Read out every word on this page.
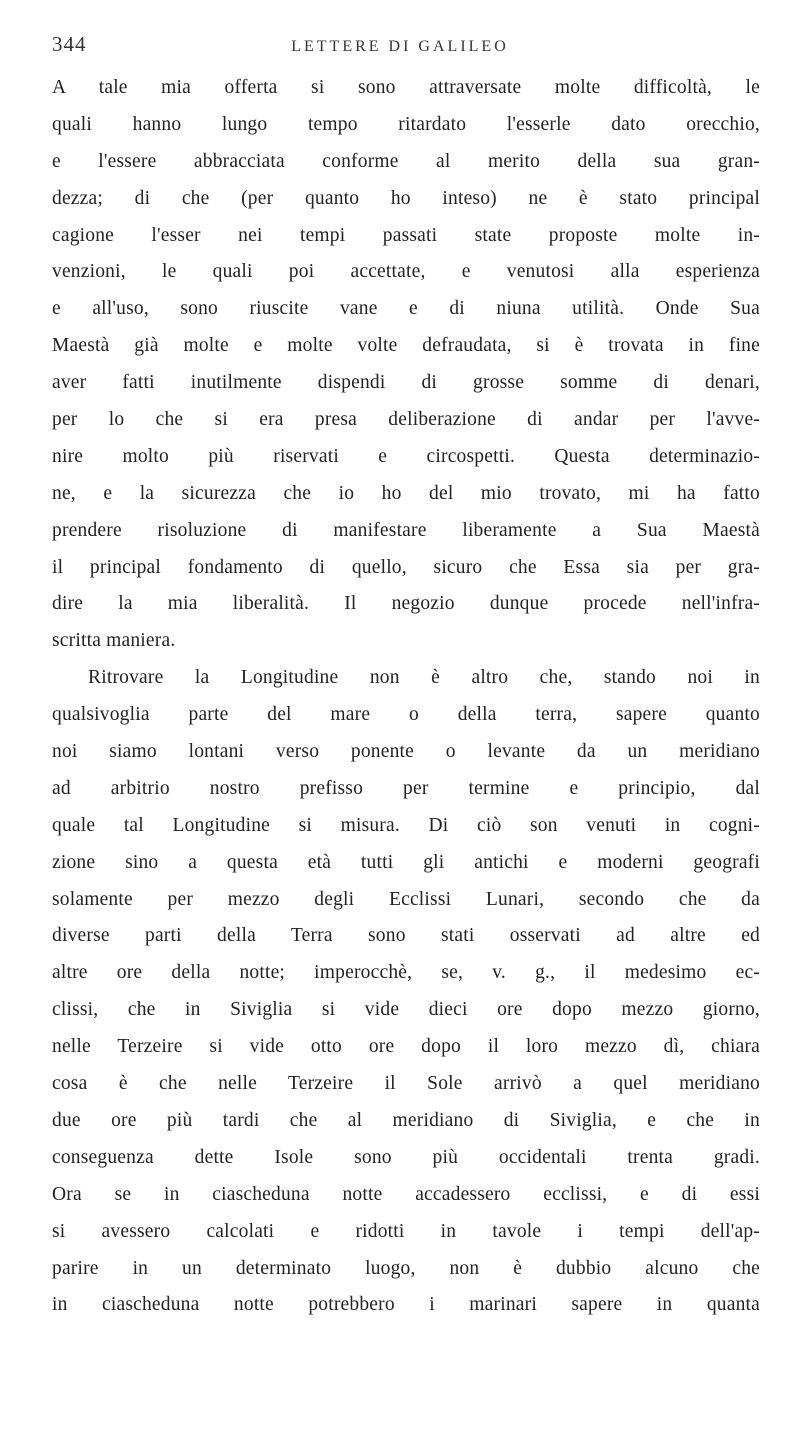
344	LETTERE DI GALILEO
A tale mia offerta si sono attraversate molte difficoltà, le
quali hanno lungo tempo ritardato l'esserle dato orecchio,
e l'essere abbracciata conforme al merito della sua gran-
dezza; di che (per quanto ho inteso) ne è stato principal
cagione l'esser nei tempi passati state proposte molte in-
venzioni, le quali poi accettate, e venutosi alla esperienza
e all'uso, sono riuscite vane e di niuna utilità. Onde Sua
Maestà già molte e molte volte defraudata, si è trovata in fine
aver fatti inutilmente dispendi di grosse somme di denari,
per lo che si era presa deliberazione di andar per l'avve-
nire molto più riservati e circospetti. Questa determinazio-
ne, e la sicurezza che io ho del mio trovato, mi ha fatto
prendere risoluzione di manifestare liberamente a Sua Maestà
il principal fondamento di quello, sicuro che Essa sia per gra-
dire la mia liberalità. Il negozio dunque procede nell'infra-
scritta maniera.
Ritrovare la Longitudine non è altro che, stando noi in
qualsivoglia parte del mare o della terra, sapere quanto
noi siamo lontani verso ponente o levante da un meridiano
ad arbitrio nostro prefisso per termine e principio, dal
quale tal Longitudine si misura. Di ciò son venuti in cogni-
zione sino a questa età tutti gli antichi e moderni geografi
solamente per mezzo degli Ecclissi Lunari, secondo che da
diverse parti della Terra sono stati osservati ad altre ed
altre ore della notte; imperocchè, se, v. g., il medesimo ec-
clissi, che in Siviglia si vide dieci ore dopo mezzo giorno,
nelle Terzeire si vide otto ore dopo il loro mezzo dì, chiara
cosa è che nelle Terzeire il Sole arrivò a quel meridiano
due ore più tardi che al meridiano di Siviglia, e che in
conseguenza dette Isole sono più occidentali trenta gradi.
Ora se in ciascheduna notte accadessero ecclissi, e di essi
si avessero calcolati e ridotti in tavole i tempi dell'ap-
parire in un determinato luogo, non è dubbio alcuno che
in ciascheduna notte potrebbero i marinari sapere in quanta
